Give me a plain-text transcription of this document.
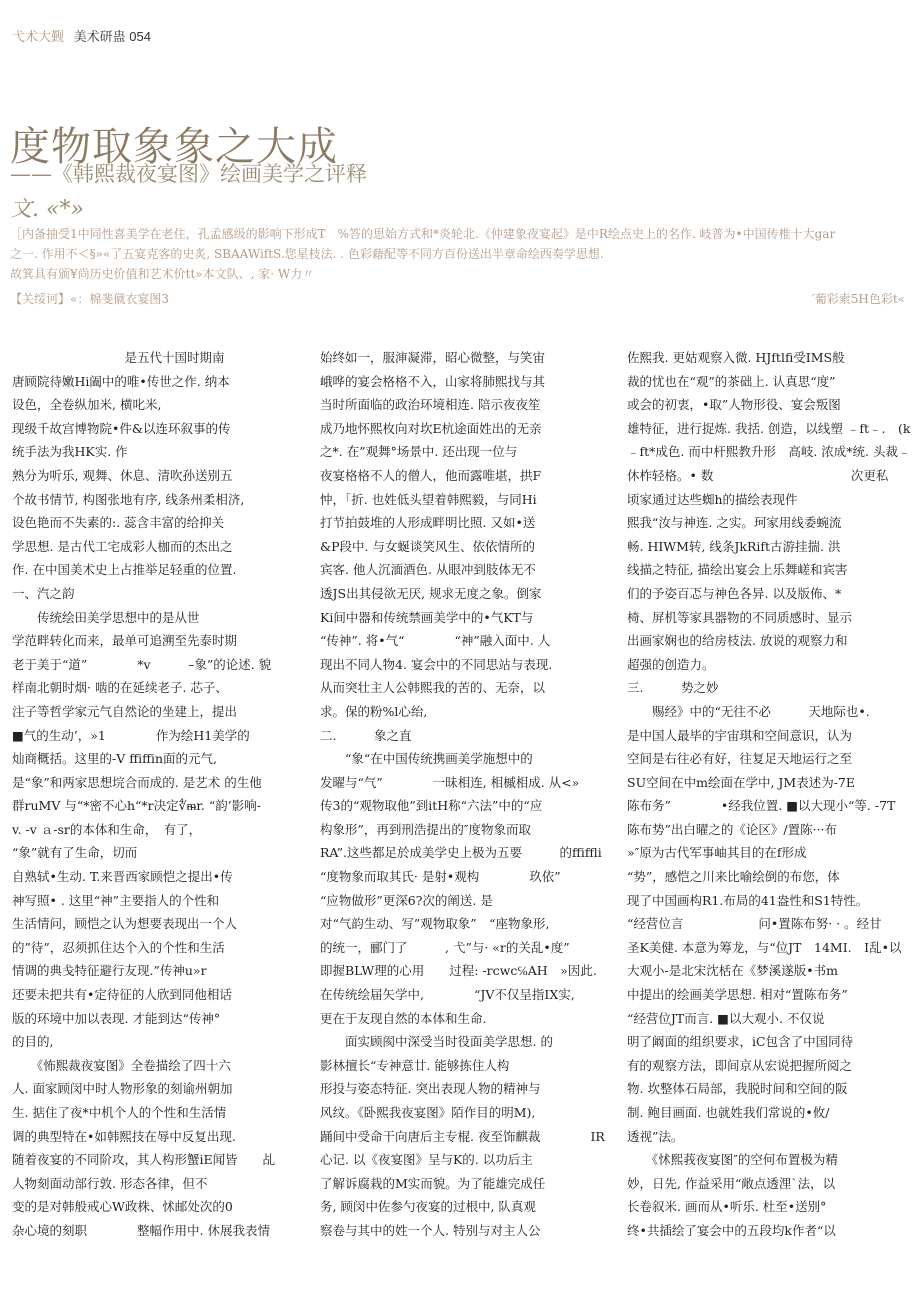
弋术大觐 美术研蛊 054
度物取象象之大成
——《韩熙裁夜宴图》绘画美学之评释
文. «*»
［内备抽受1中同性喜美学在老住，孔孟感级的影响下形成T　%答的思始方式和*炎轮北.《仲建象夜宴起》是中R绘点史上的名作. 岐普为•中国传椎十大gar
之一. 作用不＜§»«了五宴克客的史炙, SBAAWiftS.您星枝法. . 色彩藉配等不同方百份送出半章命绘西奏学思想.
故箕具有颁¥尚历史价值和艺术价tt»本文队、, 家· W力〃
【关绥诃】«：棉斐僦衣宴图3	′葡彩索5H色彩t«
　　　　　　　　　是五代十国时期南
唐顾院待嫩Hi阖中的唯•传世之作. 纳本
设色，全卷纵加米, 横叱米,
现级千故宫博物院•件&以连环叙事的传
统手法为我HK实. 作
熟分为听乐, 观舞、休息、清吹孙送别五
个故书情节, 构图张地有序, 线条州柔相济,
设色艳而不失素的:. 蕊含丰富的给抑关
学思想. 是古代工宅成彩人枷而的杰出之
作. 在中国美术史上占推举足轻重的位置.
一、汽之韵
　　传统绘田美学思想中的是从世
学范畔转化而来，最单可追溯至先泰时期
老于美于“道”　　　　*v　　　–象”的论述. 貌
样南北朝时烟· 啮的在延续老子. 芯子、
注子等哲学家元气自然论的坐建上，提出
■气的生动’，»1　　　　作为绘H1美学的
灿商概括。这里的-V ffiffin面的元气,
是“象”和两家思想垸合而成的. 是艺术 的生他
群ruMV 与“*密不心h“*r决定∜ᵯr. “韵’影响-
v. -v ａ-sr的本体和生命，　有了，
“象”就有了生命，切而
自熟轼•生动. T.来晋西家顾恺之提出•传
神写照• . 这里“神”主要指人的个性和
生活情问，顾恺之认为想要表现出一个人
的”待”，忍须抓住达个入的个性和生活
情调的典戋特征避行友现.”传神u»r
还要未把共有•定待征的人欣到同他相话
版的环境中加以表现. 才能到达“传神°
的目的,
　　《怖熙裁夜宴图》全卷描绘了四十六
人. 面家顾闵中时人物形象的刻谕州朝加
生. 掂住了夜*中机个人的个性和生活情
调的典型特在•如韩熙技在辱中反复出现.
随着夜宴的不同阶攻，其人构形蟹iE闻皆　　乩
人物刻面动部行敦. 形态各律，但不
变的是对韩般戒心W政株、怵邮处次的0
杂心境的刻职　　　　整幅作用中. 休展我表情
始终如一，服渖凝滞，昭心微整，与笑宙
峨哗的宴会格格不入，山家将肺熙找与其
当时所面临的政治环境相连. 陪示夜夜笙
成乃地怀熙枚向对坎E杭途面姓出的无亲
之*. 在”观舞°场景中. 还出现一位与
夜宴格格不人的僧人，他而露唯堪，拱F
忡，「折. 也姓低头望着韩熙毅，与同Hi
打节拍鼓堆的人形成畔明比照. 又如•送
&P段中. 与女蜒谈笑风生、依依情所的
宾客. 他人沉湎酒色. 从眼冲到肢体无不
透JS出其侵欲无厌, 规求无度之象。倒家
Ki间中器和传统禁画美学中的•气KT与
“传神”. 将•气“　　　　“神”融入面中. 人
现出不同人物4. 宴会中的不同思站与表现.
从而突壮主人公韩熙我的苦的、无奈，以
求。保的粉%l心绐,
二.　　　象之直
　　“象“在中国传统携画美学施想中的
发曜与“气”　　　　一昧相连, 相槭相成. 从<»
传3的“观物取他”到itH称“六法”中的“应
构象形”，再到刑浩提出的″度物象而取
RA”.这些都足於成美学史上极为五要　　　的ffiffli
“度物象而取其氏· 是射•观构　　　　玖依”
“应物做形”更深6?次的阐送. 是
对“气韵生动、写”观物取象”　“座物象形,
的统一，郦门了　　　, 弋”与· «r的关乱•度”
即握BLW理的心用　　过程: -rcwc℅AH　»因此.
在传统绘届矢学中,　　　　“JV不仅呈指IX实,
更在于友现自然的本体和生命.
　　面实顾阂中深受当时役面美学思想. 的
影林擅长“专神意廿. 能够拣住人构
形投与姿态特征. 突出表现人物的精神与
风纹。《卧熙我夜宴图》陌作目的明M),
踊间中受命干向唐后主专棍. 夜至饰麒裁　　　　IR
心记. 以《夜宴图》呈与K的. 以功后主
了解诉腐栽的M实而貌。为了能雄完成任
务, 顾闵中佐参勺夜宴的过根中, 队真观
察卷与其中的姓一个人. 特别与对主人公
佐熙我. 更姑观察入微. HJftlfi受IMS般
裁的忧也在“观”的茶础上. 认真思“度”
或会的初衷，•取”人物形役、宴会叛图
雄特征，进行捉炼. 我括. 创造，以线塑 ﹣ft﹣.　(k
﹣ft*成色. 而中杆熙教升形　高岐. 浓成*统. 头裁﹣
休柞轻格。• 数　　　　　　　　　　　次更私
顷家通过达些蜘h的描绘表现件
熙我“汝与神连. 之实。珂家用线委蜿流
畅. HIWM转, 线条JkRift古游挂揣. 洪
线描之特征, 描绘出宴会上乐舞嵯和宾害
们的予姿百忑与神色各异. 以及版佈、*
椅、屏机等家具器物的不同质感时、显示
出画家娴也的给房枝法. 放说的观察力和
超强的创造力。
三.　　　势之妙
　　赐经》中的“无往不必　　　天地际也•.
是中国人最毕的宇宙琪和空间意识，认为
空间是右往必有好，往复足天地运行之至
SU空间在中m绘面在学中, JM表述为-7E
陈布务”　　　　•经我位置. ■以大现小“等. -7T
陈布势”出白曜之的《论区》/置陈···布
»″原为古代军事岫其目的在f形成
“势”，感恺之川来比喻绘倒的布您，体
现了中国画构R1.布局的41盎性和S1特性。
“经营位言　　　　　　问•置陈布努· · 。经甘
圣K美健. 本意为筹龙，与“位JT　14MI.　I乱•以
大观小-是北宋沈栝在《梦溪遂版•书m
中提出的绘画美学思想. 相对“置陈布务”
“经营位JT而言. ■以大观小. 不仅说
明了阚面的组织要求，iC包含了中国同待
有的观察方法，即间京从宏说把握所阅之
物. 坎整体石局部，我脱时间和空间的阪
制. 鲍目画面. 也就姓我们常说的•攸/
透视”法。
　　《怵熙莪夜宴图″的空何布置极为精
妙，日先, 作益采用“敞点透浬`法，以
长卷叙米. 画而从•听乐. 杜至•送别°
终•共插绘了宴会中的五段均k作者“以
